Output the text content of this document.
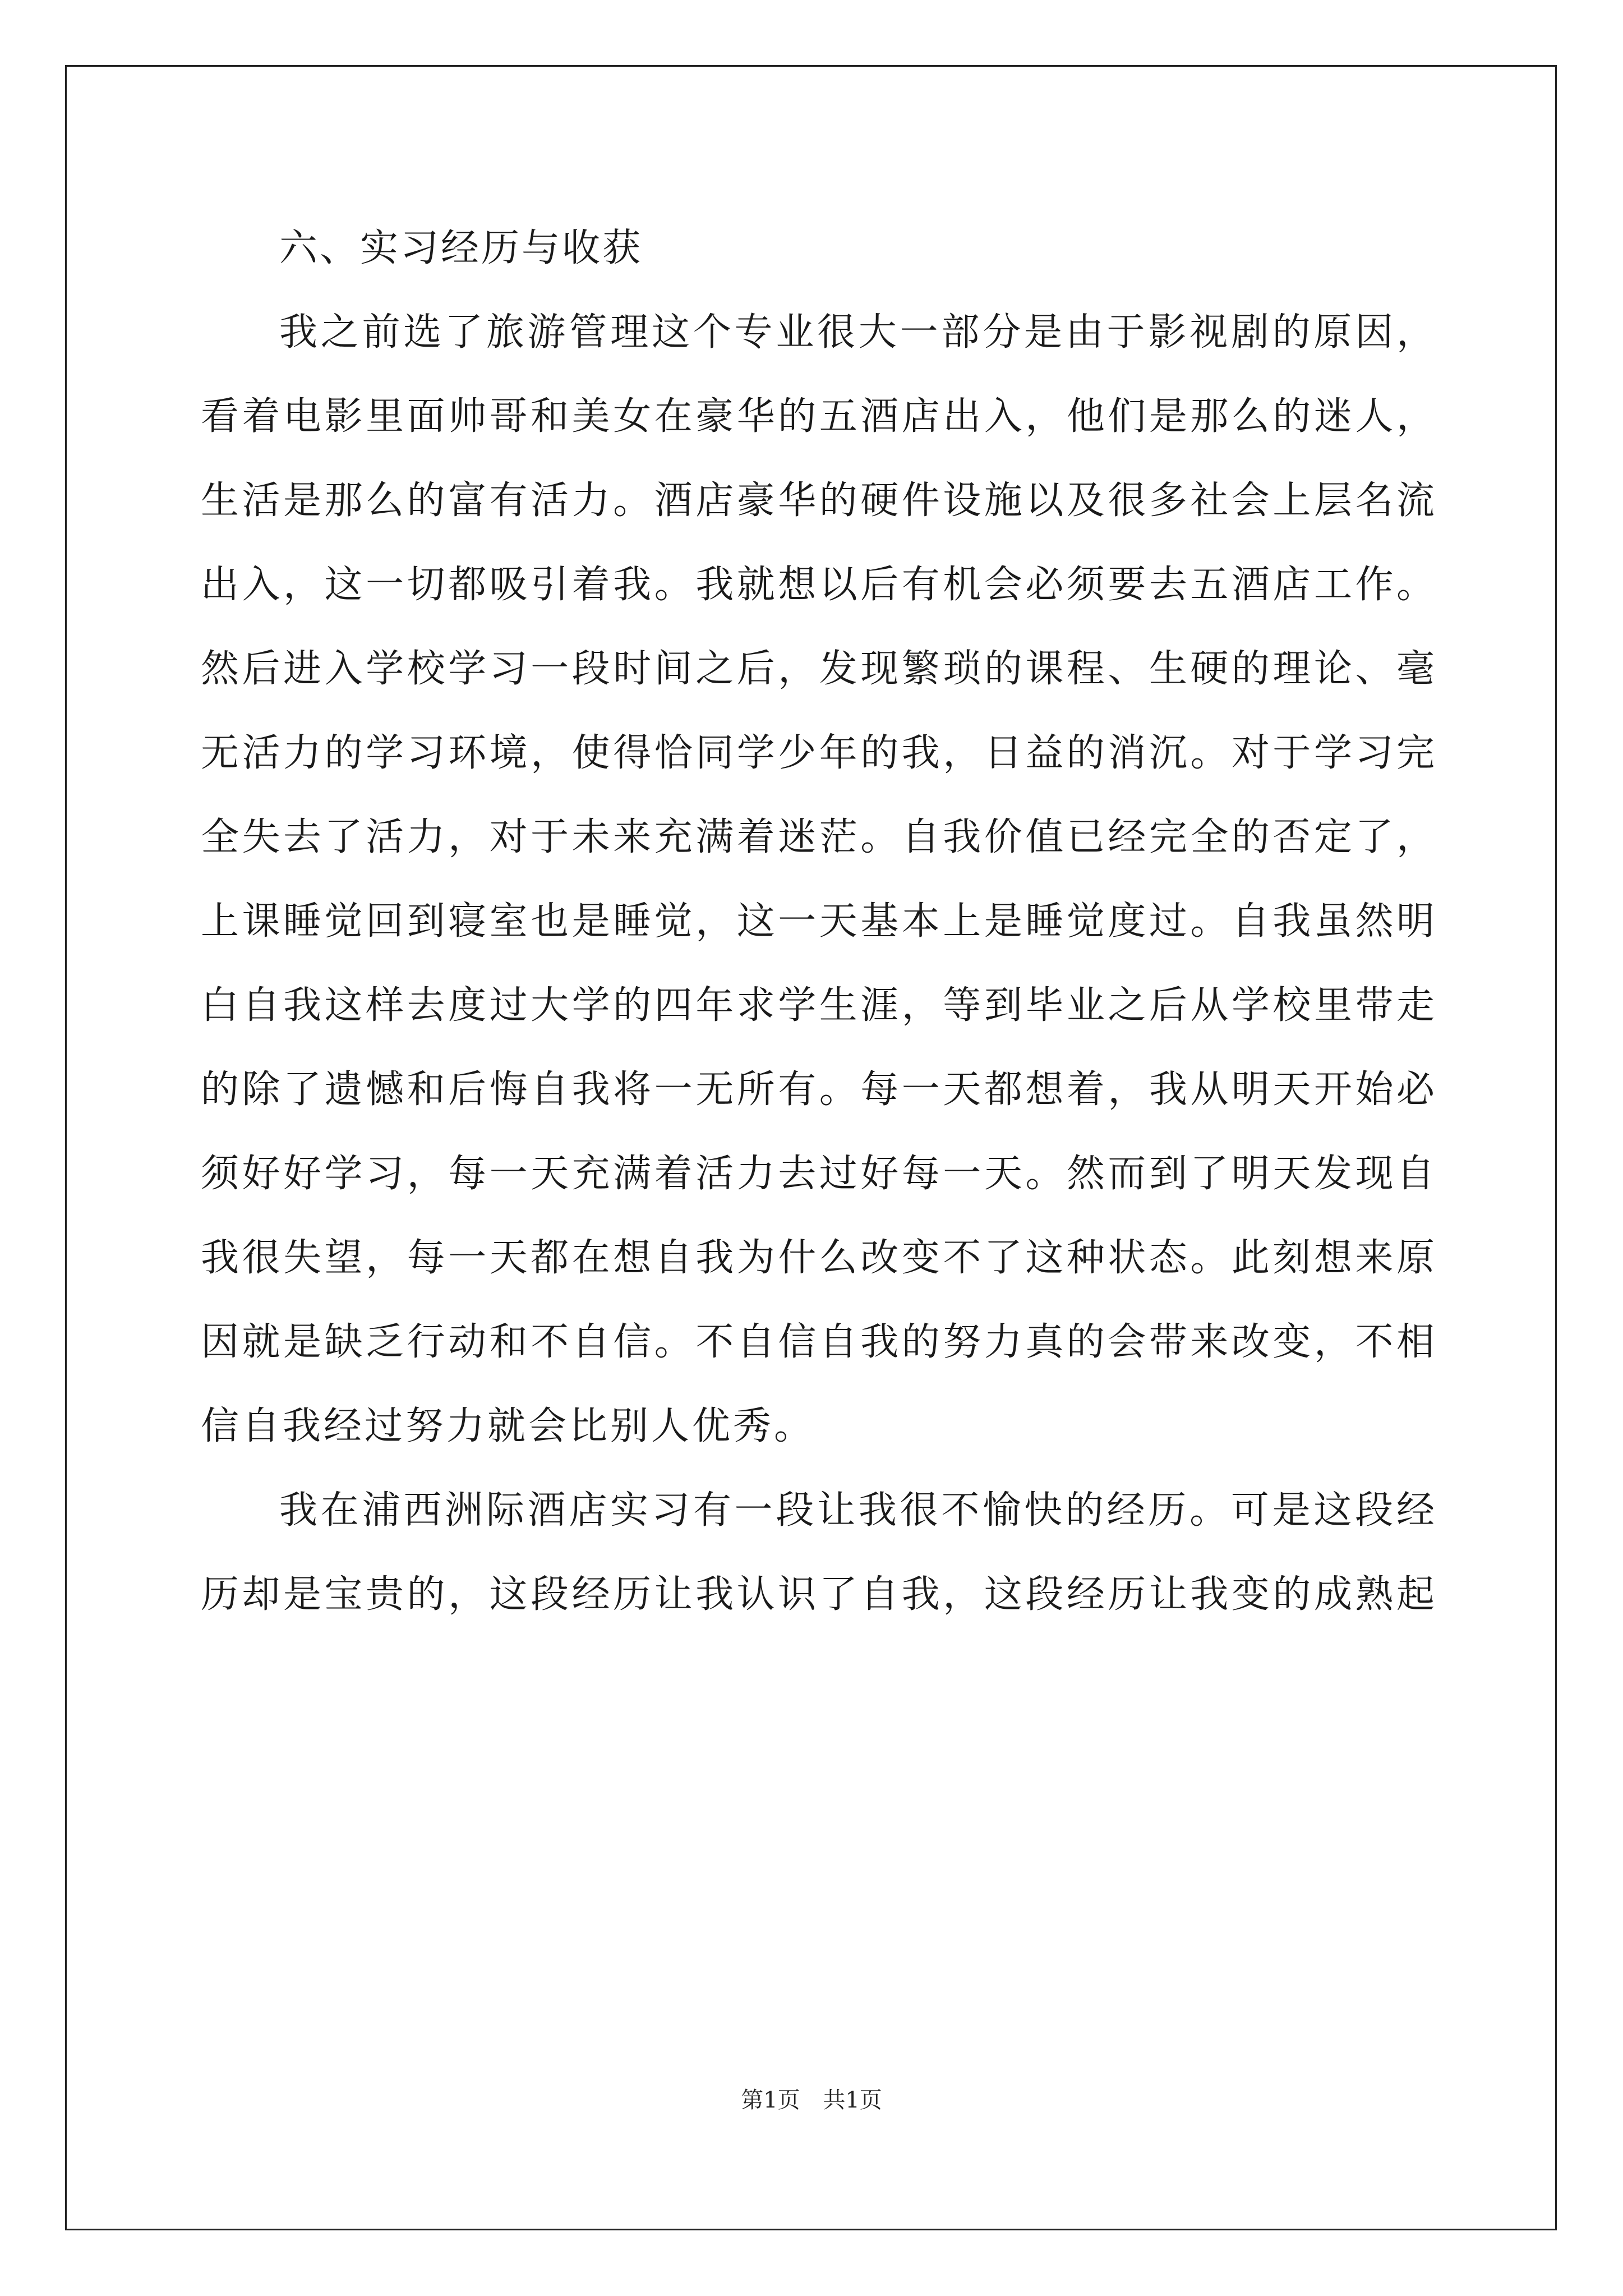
六、实习经历与收获

我之前选了旅游管理这个专业很大一部分是由于影视剧的原因，
看着电影里面帅哥和美女在豪华的五酒店出入，他们是那么的迷人，
生活是那么的富有活力。酒店豪华的硬件设施以及很多社会上层名流
出入，这一切都吸引着我。我就想以后有机会必须要去五酒店工作。
然后进入学校学习一段时间之后，发现繁琐的课程、生硬的理论、毫
无活力的学习环境，使得恰同学少年的我，日益的消沉。对于学习完
全失去了活力，对于未来充满着迷茫。自我价值已经完全的否定了，
上课睡觉回到寝室也是睡觉，这一天基本上是睡觉度过。自我虽然明
白自我这样去度过大学的四年求学生涯，等到毕业之后从学校里带走
的除了遗憾和后悔自我将一无所有。每一天都想着，我从明天开始必
须好好学习，每一天充满着活力去过好每一天。然而到了明天发现自
我很失望，每一天都在想自我为什么改变不了这种状态。此刻想来原
因就是缺乏行动和不自信。不自信自我的努力真的会带来改变，不相
信自我经过努力就会比别人优秀。
我在浦西洲际酒店实习有一段让我很不愉快的经历。可是这段经
历却是宝贵的，这段经历让我认识了自我，这段经历让我变的成熟起
第1页 共1页
